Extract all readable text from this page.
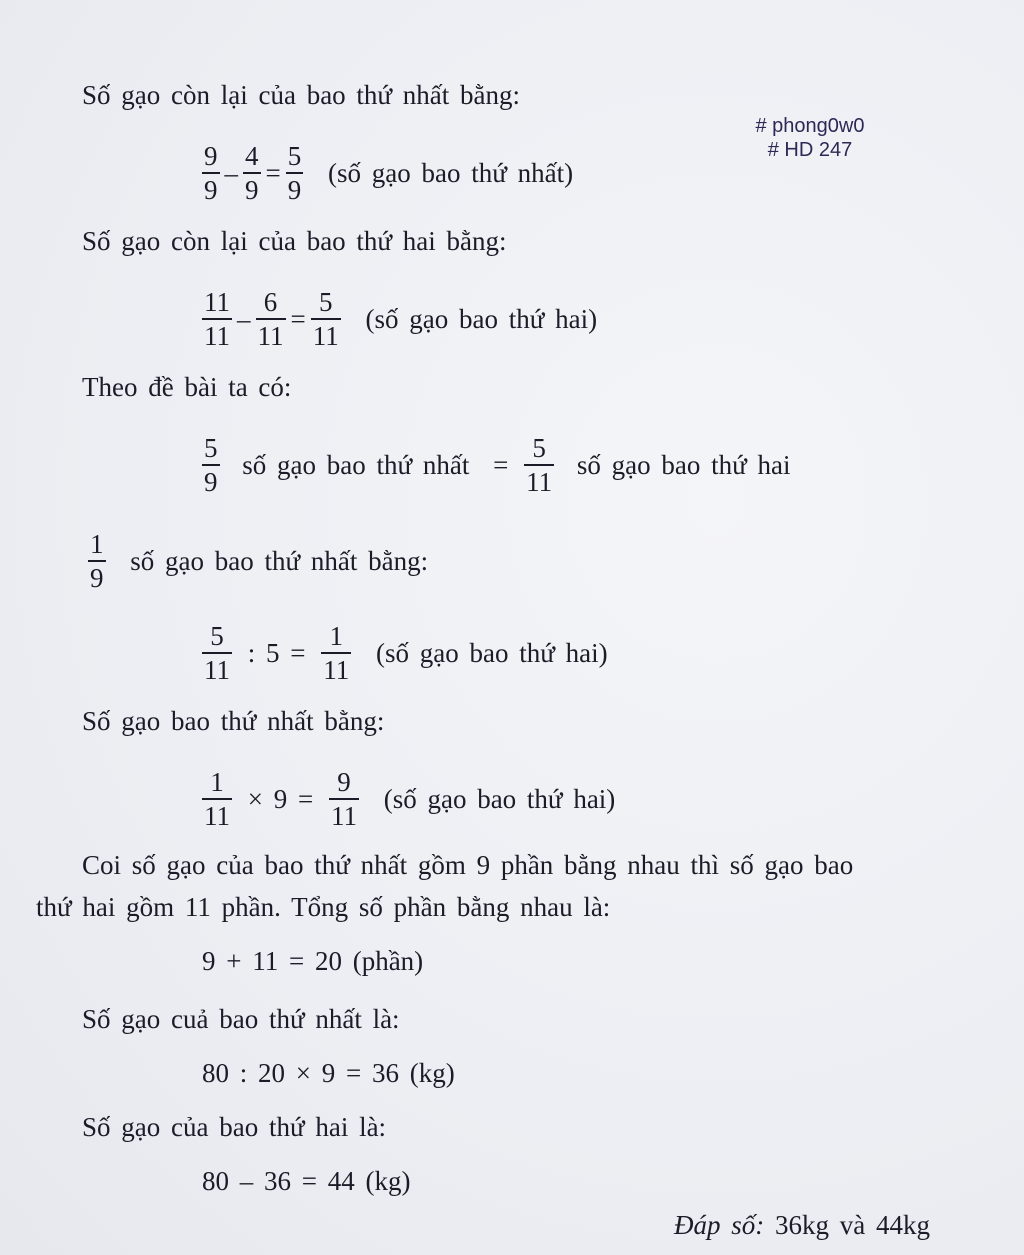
# phong0w0
# HD 247
Số gạo còn lại của bao thứ nhất bằng:
$\frac{9}{9} - \frac{4}{9} = \frac{5}{9}$ (số gạo bao thứ nhất)
Số gạo còn lại của bao thứ hai bằng:
$\frac{11}{11} - \frac{6}{11} = \frac{5}{11}$ (số gạo bao thứ hai)
Theo đề bài ta có:
$\frac{5}{9}$ số gạo bao thứ nhất = $\frac{5}{11}$ số gạo bao thứ hai
$\frac{1}{9}$ số gạo bao thứ nhất bằng:
$\frac{5}{11}$ : $5 = \frac{1}{11}$ (số gạo bao thứ hai)
Số gạo bao thứ nhất bằng:
$\frac{1}{11} \times 9 = \frac{9}{11}$ (số gạo bao thứ hai)
Coi số gạo của bao thứ nhất gồm 9 phần bằng nhau thì số gạo bao
thứ hai gồm 11 phần. Tổng số phần bằng nhau là:
9 + 11 = 20 (phần)
Số gạo cuả bao thứ nhất là:
80 : 20 × 9 = 36 (kg)
Số gạo của bao thứ hai là:
80 – 36 = 44 (kg)
Đáp số: 36kg và 44kg
